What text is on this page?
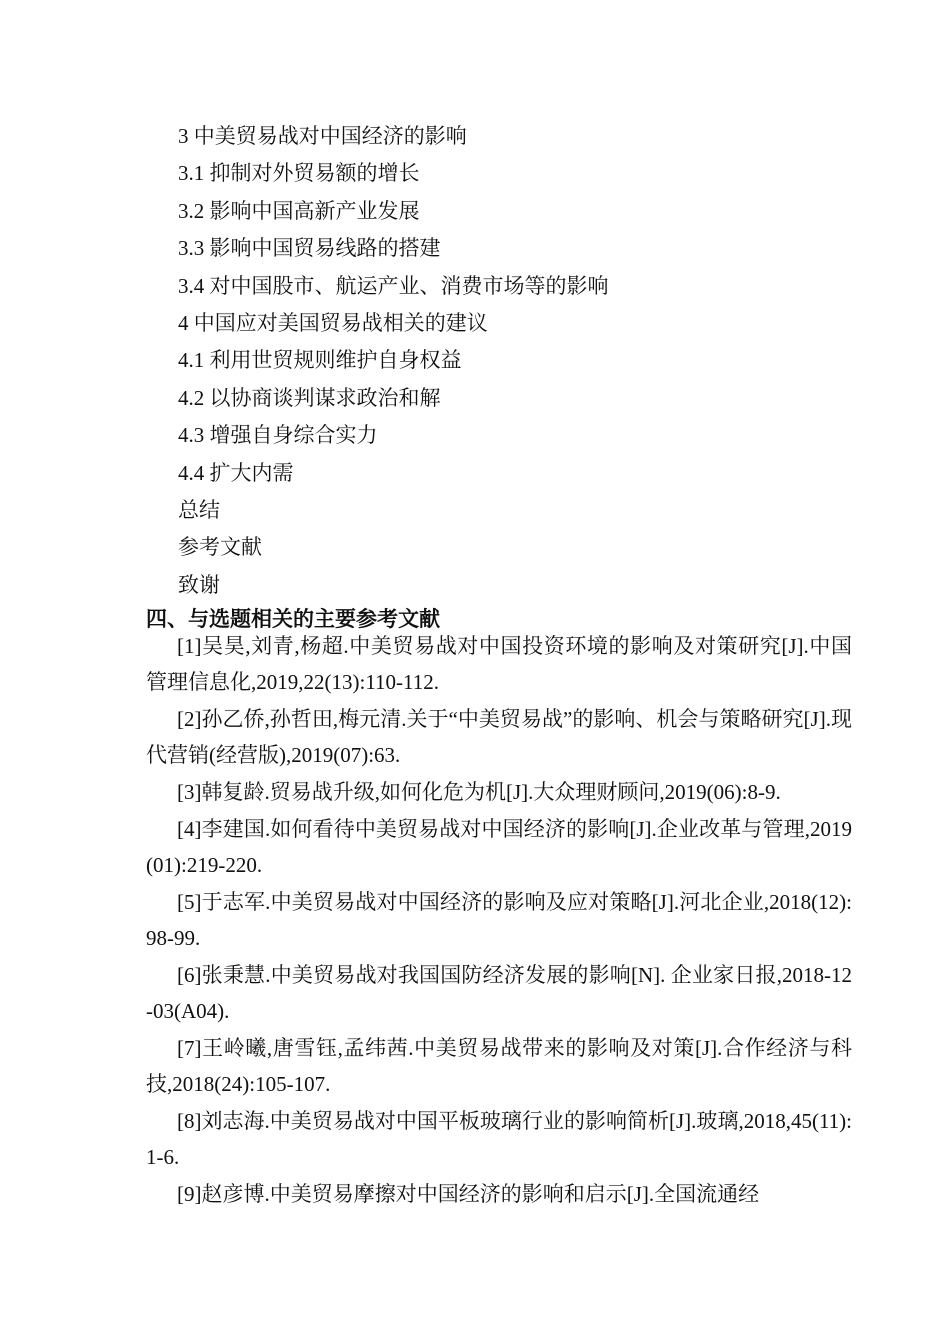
3 中美贸易战对中国经济的影响
3.1 抑制对外贸易额的增长
3.2 影响中国高新产业发展
3.3 影响中国贸易线路的搭建
3.4 对中国股市、航运产业、消费市场等的影响
4 中国应对美国贸易战相关的建议
4.1 利用世贸规则维护自身权益
4.2 以协商谈判谋求政治和解
4.3 增强自身综合实力
4.4 扩大内需
总结
参考文献
致谢
四、与选题相关的主要参考文献

[1]吴昊,刘青,杨超.中美贸易战对中国投资环境的影响及对策研究[J].中国管理信息化,2019,22(13):110-112.

[2]孙乙侨,孙哲田,梅元清.关于“中美贸易战”的影响、机会与策略研究[J].现代营销(经营版),2019(07):63.

[3]韩复龄.贸易战升级,如何化危为机[J].大众理财顾问,2019(06):8-9.

[4]李建国.如何看待中美贸易战对中国经济的影响[J].企业改革与管理,2019(01):219-220.

[5]于志军.中美贸易战对中国经济的影响及应对策略[J].河北企业,2018(12):98-99.

[6]张秉慧.中美贸易战对我国国防经济发展的影响[N]. 企业家日报,2018-12-03(A04).

[7]王岭曦,唐雪钰,孟纬茜.中美贸易战带来的影响及对策[J].合作经济与科技,2018(24):105-107.

[8]刘志海.中美贸易战对中国平板玻璃行业的影响简析[J].玻璃,2018,45(11):1-6.

[9]赵彦博.中美贸易摩擦对中国经济的影响和启示[J].全国流通经
